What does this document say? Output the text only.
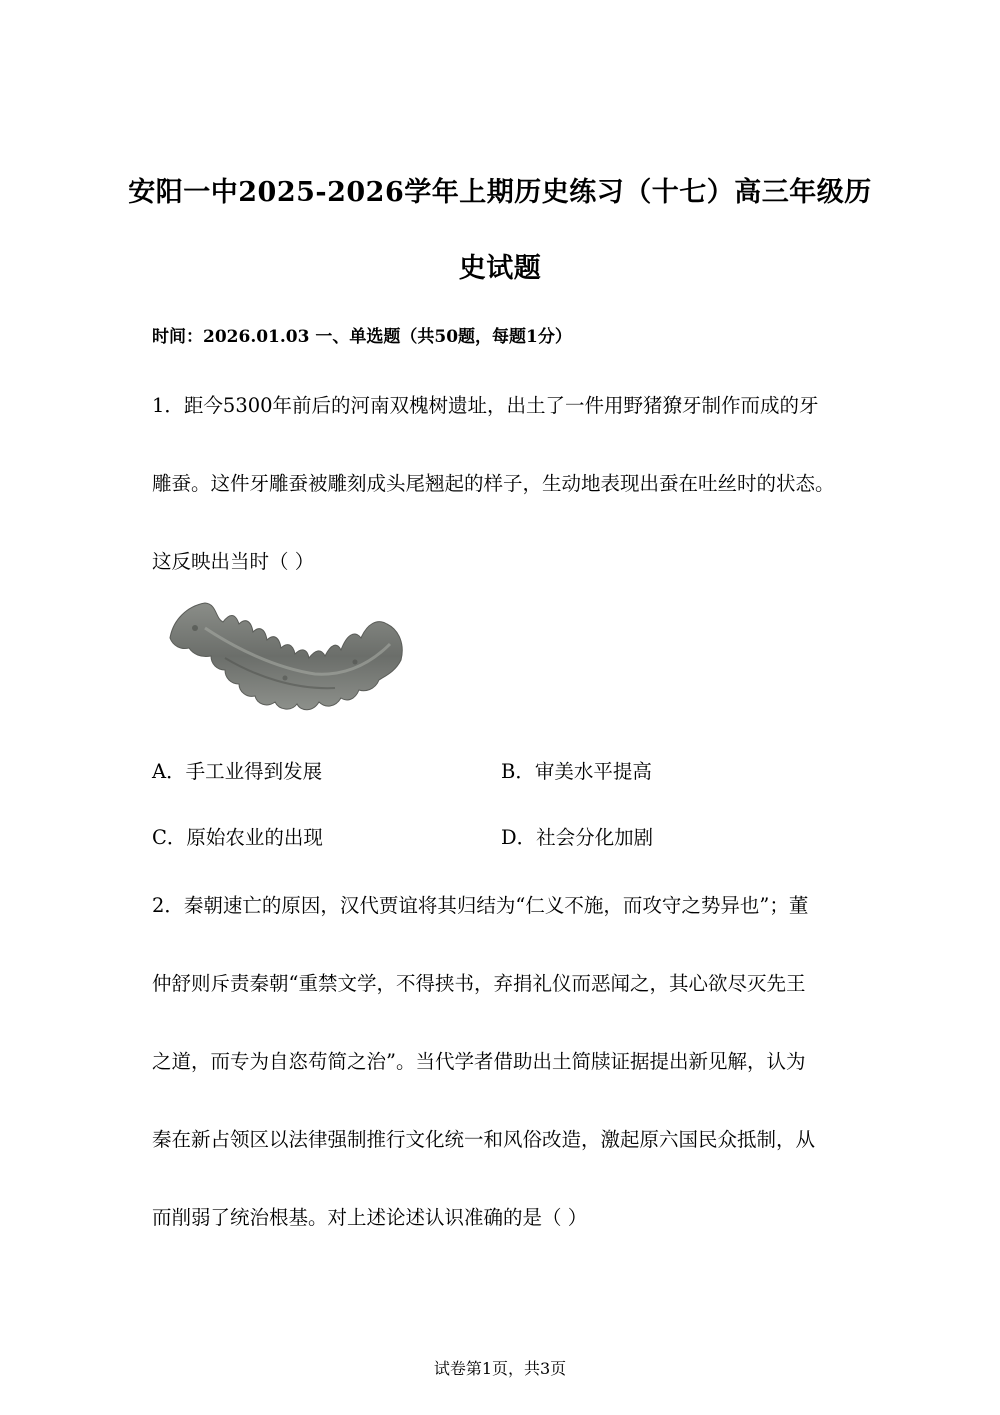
安阳一中2025-2026学年上期历史练习（十七）高三年级历
史试题
时间：2026.01.03 一、单选题（共50题，每题1分）
1．距今5300年前后的河南双槐树遗址，出土了一件用野猪獠牙制作而成的牙
雕蚕。这件牙雕蚕被雕刻成头尾翘起的样子，生动地表现出蚕在吐丝时的状态。
这反映出当时（ ）
A．手工业得到发展	B．审美水平提高
C．原始农业的出现	D．社会分化加剧
2．秦朝速亡的原因，汉代贾谊将其归结为“仁义不施，而攻守之势异也”；董
仲舒则斥责秦朝“重禁文学，不得挟书，弃捐礼仪而恶闻之，其心欲尽灭先王
之道，而专为自恣苟简之治”。当代学者借助出土简牍证据提出新见解，认为
秦在新占领区以法律强制推行文化统一和风俗改造，激起原六国民众抵制，从
而削弱了统治根基。对上述论述认识准确的是（ ）
试卷第1页，共3页
